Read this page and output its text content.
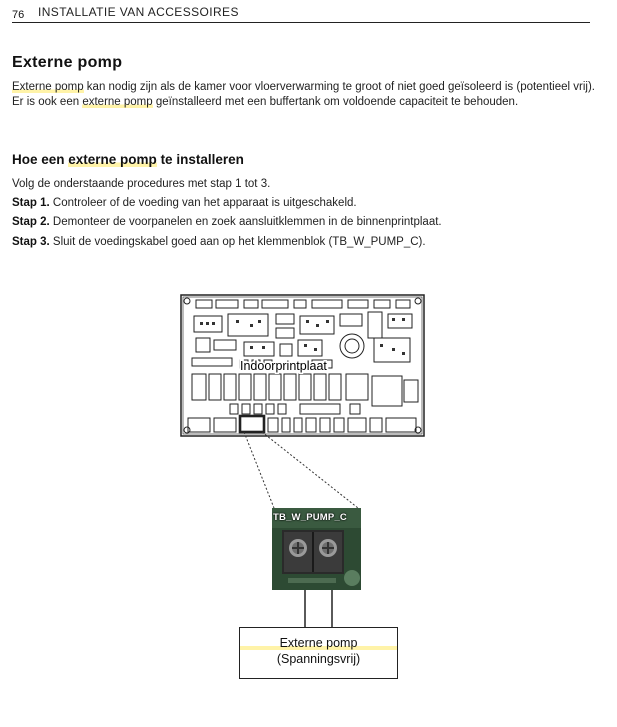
76 INSTALLATIE VAN ACCESSOIRES
Externe pomp

Externe pomp kan nodig zijn als de kamer voor vloerverwarming te groot of niet goed geïsoleerd is (potentieel vrij). Er is ook een externe pomp geïnstalleerd met een buffertank om voldoende capaciteit te behouden.

Hoe een externe pomp te installeren
Volg de onderstaande procedures met stap 1 tot 3.
Stap 1. Controleer of de voeding van het apparaat is uitgeschakeld.
Stap 2. Demonteer de voorpanelen en zoek aansluitklemmen in de binnenprintplaat.
Stap 3. Sluit de voedingskabel goed aan op het klemmenblok (TB_W_PUMP_C).
Indoorprintplaat
TB_W_PUMP_C
Externe pomp
(Spanningsvrij)
